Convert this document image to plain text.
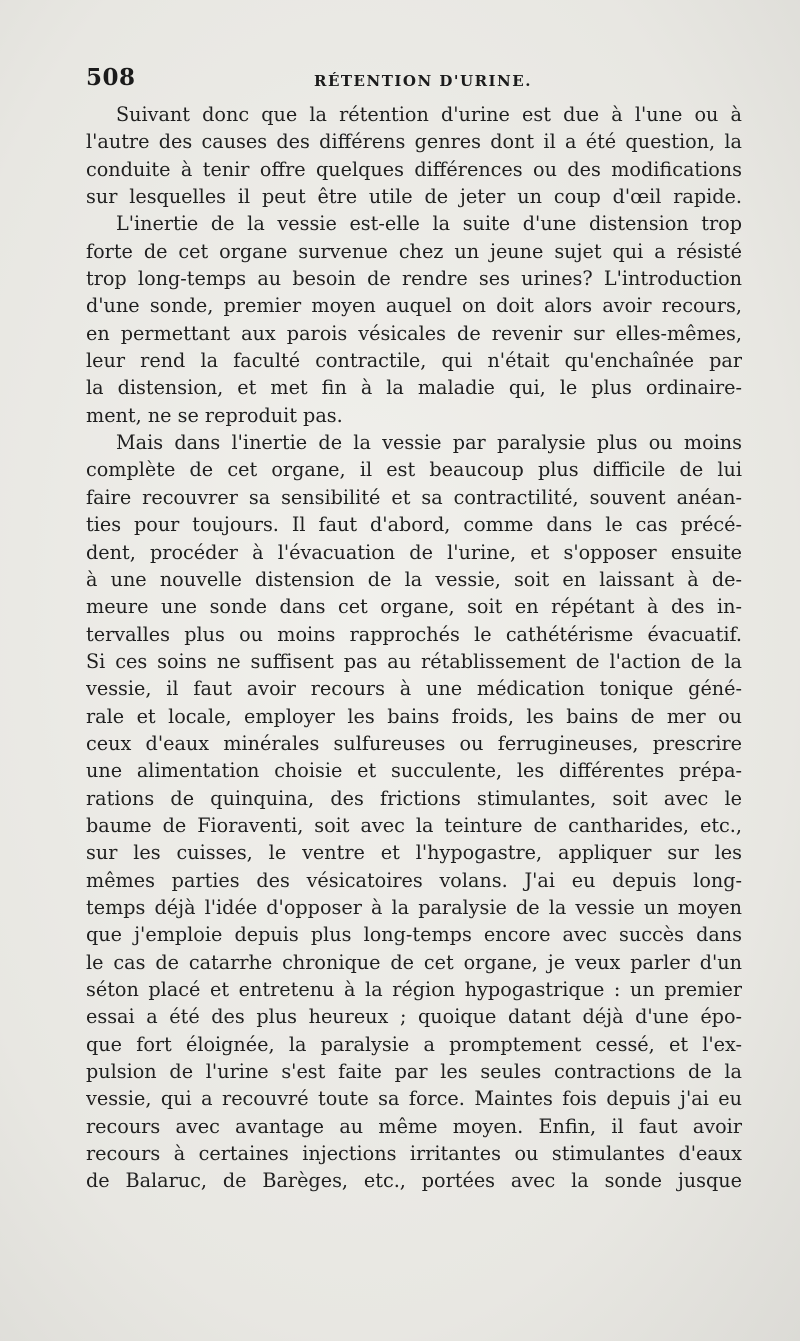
508	RÉTENTION D'URINE.
Suivant donc que la rétention d'urine est due à l'une ou à
l'autre des causes des différens genres dont il a été question, la
conduite à tenir offre quelques différences ou des modifications
sur lesquelles il peut être utile de jeter un coup d'œil rapide.
L'inertie de la vessie est-elle la suite d'une distension trop
forte de cet organe survenue chez un jeune sujet qui a résisté
trop long-temps au besoin de rendre ses urines? L'introduction
d'une sonde, premier moyen auquel on doit alors avoir recours,
en permettant aux parois vésicales de revenir sur elles-mêmes,
leur rend la faculté contractile, qui n'était qu'enchaînée par
la distension, et met fin à la maladie qui, le plus ordinaire-
ment, ne se reproduit pas.
Mais dans l'inertie de la vessie par paralysie plus ou moins
complète de cet organe, il est beaucoup plus difficile de lui
faire recouvrer sa sensibilité et sa contractilité, souvent anéan-
ties pour toujours. Il faut d'abord, comme dans le cas précé-
dent, procéder à l'évacuation de l'urine, et s'opposer ensuite
à une nouvelle distension de la vessie, soit en laissant à de-
meure une sonde dans cet organe, soit en répétant à des in-
tervalles plus ou moins rapprochés le cathétérisme évacuatif.
Si ces soins ne suffisent pas au rétablissement de l'action de la
vessie, il faut avoir recours à une médication tonique géné-
rale et locale, employer les bains froids, les bains de mer ou
ceux d'eaux minérales sulfureuses ou ferrugineuses, prescrire
une alimentation choisie et succulente, les différentes prépa-
rations de quinquina, des frictions stimulantes, soit avec le
baume de Fioraventi, soit avec la teinture de cantharides, etc.,
sur les cuisses, le ventre et l'hypogastre, appliquer sur les
mêmes parties des vésicatoires volans. J'ai eu depuis long-
temps déjà l'idée d'opposer à la paralysie de la vessie un moyen
que j'emploie depuis plus long-temps encore avec succès dans
le cas de catarrhe chronique de cet organe, je veux parler d'un
séton placé et entretenu à la région hypogastrique : un premier
essai a été des plus heureux ; quoique datant déjà d'une épo-
que fort éloignée, la paralysie a promptement cessé, et l'ex-
pulsion de l'urine s'est faite par les seules contractions de la
vessie, qui a recouvré toute sa force. Maintes fois depuis j'ai eu
recours avec avantage au même moyen. Enfin, il faut avoir
recours à certaines injections irritantes ou stimulantes d'eaux
de Balaruc, de Barèges, etc., portées avec la sonde jusque
